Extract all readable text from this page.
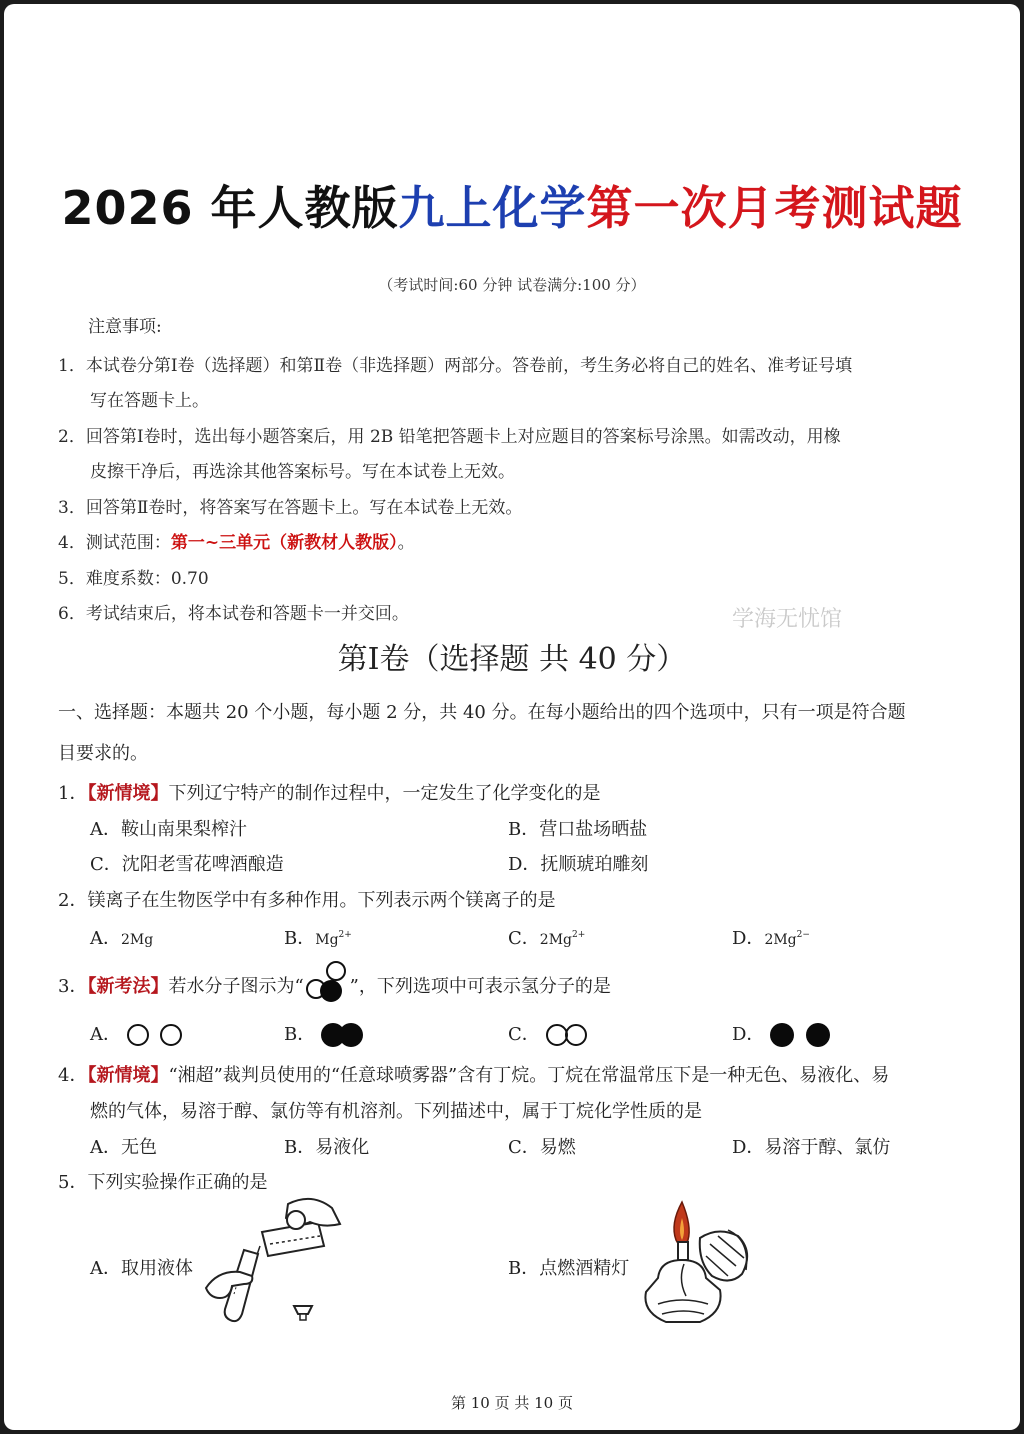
2026 年人教版九上化学第一次月考测试题
（考试时间:60 分钟 试卷满分:100 分）
注意事项:
1．本试卷分第Ⅰ卷（选择题）和第Ⅱ卷（非选择题）两部分。答卷前，考生务必将自己的姓名、准考证号填
写在答题卡上。
2．回答第Ⅰ卷时，选出每小题答案后，用 2B 铅笔把答题卡上对应题目的答案标号涂黑。如需改动，用橡
皮擦干净后，再选涂其他答案标号。写在本试卷上无效。
3．回答第Ⅱ卷时，将答案写在答题卡上。写在本试卷上无效。
4．测试范围：第一~三单元（新教材人教版）。
5．难度系数：0.70
6．考试结束后，将本试卷和答题卡一并交回。	学海无忧馆
第Ⅰ卷（选择题 共 40 分）
一、选择题：本题共 20 个小题，每小题 2 分，共 40 分。在每小题给出的四个选项中，只有一项是符合题
目要求的。
1．【新情境】下列辽宁特产的制作过程中，一定发生了化学变化的是
A．鞍山南果梨榨汁	B．营口盐场晒盐
C．沈阳老雪花啤酒酿造	D．抚顺琥珀雕刻
2．镁离子在生物医学中有多种作用。下列表示两个镁离子的是
A．2Mg	B．$Mg^{2+}$	C．$2Mg^{2+}$	D．$2Mg^{2-}$
3．【新考法】若水分子图示为“	”，下列选项中可表示氢分子的是
A．	B．	C．	D．
4．【新情境】“湘超”裁判员使用的“任意球喷雾器”含有丁烷。丁烷在常温常压下是一种无色、易液化、易
燃的气体，易溶于醇、氯仿等有机溶剂。下列描述中，属于丁烷化学性质的是
A．无色	B．易液化	C．易燃	D．易溶于醇、氯仿
5．下列实验操作正确的是
A．取用液体	B．点燃酒精灯
第 10 页 共 10 页
